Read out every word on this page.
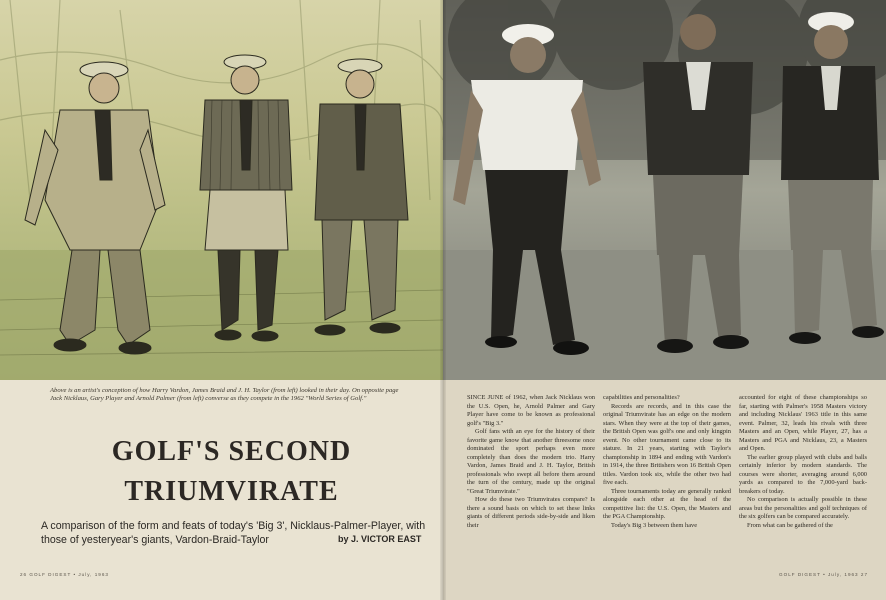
Above is an artist's conception of how Harry Vardon, James Braid and J. H. Taylor (from left) looked in their day. On opposite page Jack Nicklaus, Gary Player and Arnold Palmer (from left) converse as they compete in the 1962 "World Series of Golf."
GOLF'S SECOND
TRIUMVIRATE
A comparison of the form and feats of today's 'Big 3', Nicklaus-Palmer-Player, with those of yesteryear's giants, Vardon-Braid-Taylor	by J. VICTOR EAST
26 GOLF DIGEST • July, 1963

SINCE JUNE of 1962, when Jack Nicklaus won the U.S. Open, he, Arnold Palmer and Gary Player have come to be known as professional golf's "Big 3."

Golf fans with an eye for the history of their favorite game know that another threesome once dominated the sport perhaps even more completely than does the modern trio. Harry Vardon, James Braid and J. H. Taylor, British professionals who swept all before them around the turn of the century, made up the original "Great Triumvirate."

How do these two Triumvirates compare? Is there a sound basis on which to set these links giants of different periods side-by-side and liken their

capabilities and personalities?

Records are records, and in this case the original Triumvirate has an edge on the modern stars. When they were at the top of their games, the British Open was golf's one and only kingpin event. No other tournament came close to its stature. In 21 years, starting with Taylor's championship in 1894 and ending with Vardon's in 1914, the three Britishers won 16 British Open titles. Vardon took six, while the other two had five each.

Three tournaments today are generally ranked alongside each other at the head of the competitive list: the U.S. Open, the Masters and the PGA Championship.

Today's Big 3 between them have

accounted for eight of these championships so far, starting with Palmer's 1958 Masters victory and including Nicklaus' 1963 title in this same event. Palmer, 32, leads his rivals with three Masters and an Open, while Player, 27, has a Masters and PGA and Nicklaus, 23, a Masters and Open.

The earlier group played with clubs and balls certainly inferior by modern standards. The courses were shorter, averaging around 6,000 yards as compared to the 7,000-yard back-breakers of today.

No comparison is actually possible in these areas but the personalities and golf techniques of the six golfers can be compared accurately.

From what can be gathered of the

GOLF DIGEST • July, 1963 27
